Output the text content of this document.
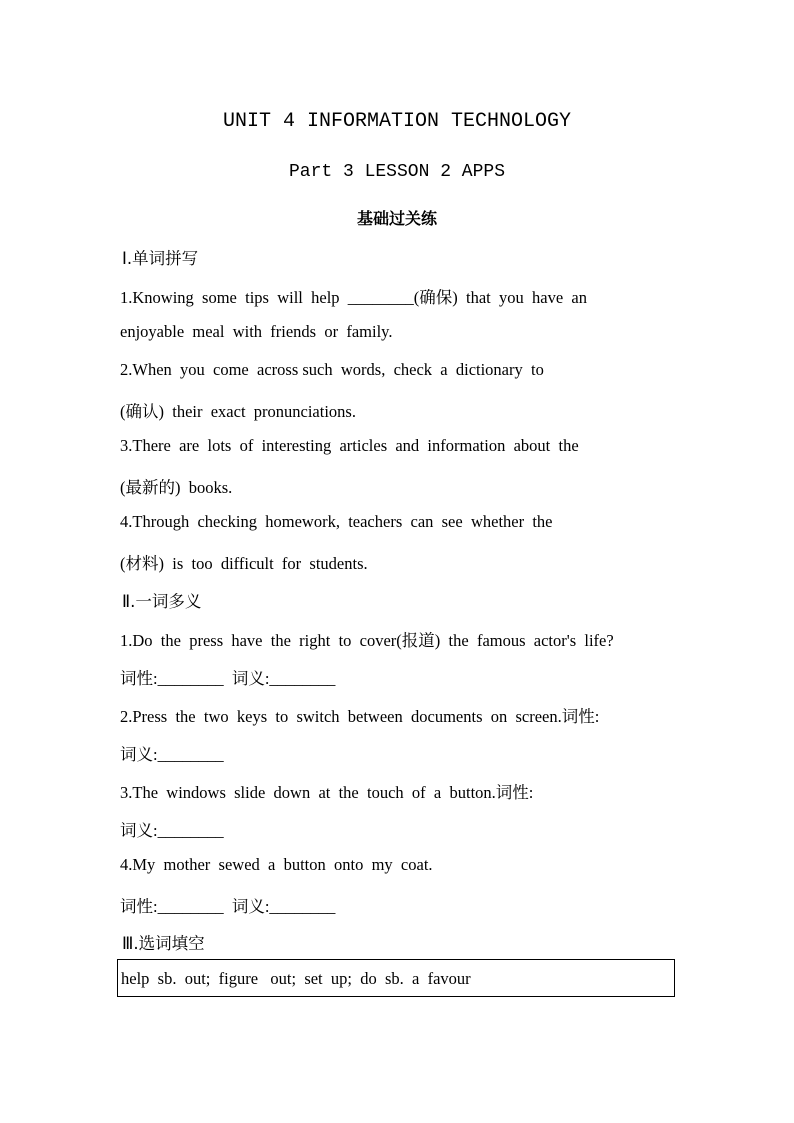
UNIT 4 INFORMATION TECHNOLOGY
Part 3 LESSON 2 APPS
基础过关练
Ⅰ.单词拼写
1.Knowing  some  tips  will  help  ________(确保)  that  you  have  an
enjoyable  meal  with  friends  or  family.
2.When  you  come  across such  words,  check  a  dictionary  to
(确认)  their  exact  pronunciations.
3.There  are  lots  of  interesting  articles  and  information  about  the
(最新的)  books.
4.Through  checking  homework,  teachers  can  see  whether  the
(材料)  is  too  difficult  for  students.
Ⅱ.一词多义
1.Do  the  press  have  the  right  to  cover(报道)  the  famous  actor's  life?
词性:________  词义:________
2.Press  the  two  keys  to  switch  between  documents  on  screen.词性:
词义:________
3.The  windows  slide  down  at  the  touch  of  a  button.词性:
词义:________
4.My  mother  sewed  a  button  onto  my  coat.
词性:________  词义:________
Ⅲ.选词填空
help  sb.  out;  figure   out;  set  up;  do  sb.  a  favour
